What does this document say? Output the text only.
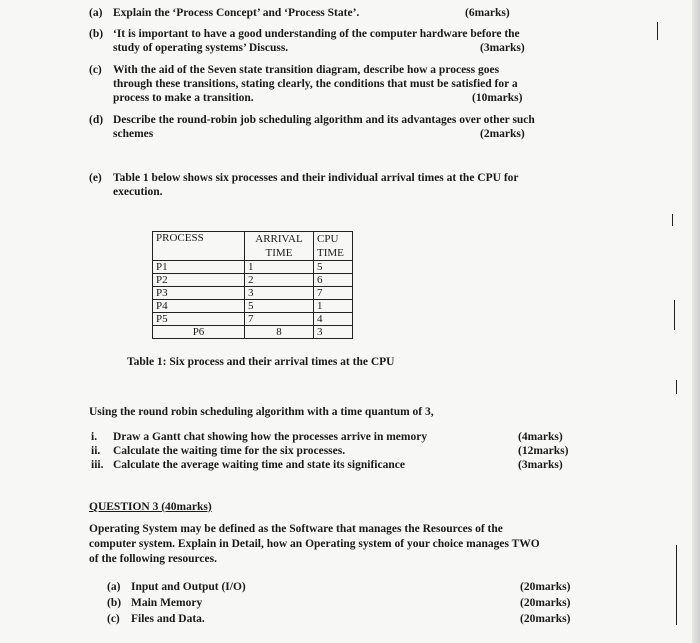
(a) Explain the ‘Process Concept’ and ‘Process State’.	(6marks)
(b) ‘It is important to have a good understanding of the computer hardware before the
study of operating systems’ Discuss.	(3marks)
(c) With the aid of the Seven state transition diagram, describe how a process goes
through these transitions, stating clearly, the conditions that must be satisfied for a
process to make a transition.	(10marks)
(d) Describe the round-robin job scheduling algorithm and its advantages over other such
schemes	(2marks)
(e) Table 1 below shows six processes and their individual arrival times at the CPU for
execution.
PROCESS	ARRIVAL	CPU
	TIME	TIME
P1	1	5
P2	2	6
P3	3	7
P4	5	1
P5	7	4
P6	8	3
Table 1: Six process and their arrival times at the CPU
Using the round robin scheduling algorithm with a time quantum of 3,
i. Draw a Gantt chat showing how the processes arrive in memory	(4marks)
ii. Calculate the waiting time for the six processes.	(12marks)
iii. Calculate the average waiting time and state its significance	(3marks)
QUESTION 3 (40marks)
Operating System may be defined as the Software that manages the Resources of the
computer system. Explain in Detail, how an Operating system of your choice manages TWO
of the following resources.
(a) Input and Output (I/O)	(20marks)
(b) Main Memory	(20marks)
(c) Files and Data.	(20marks)
